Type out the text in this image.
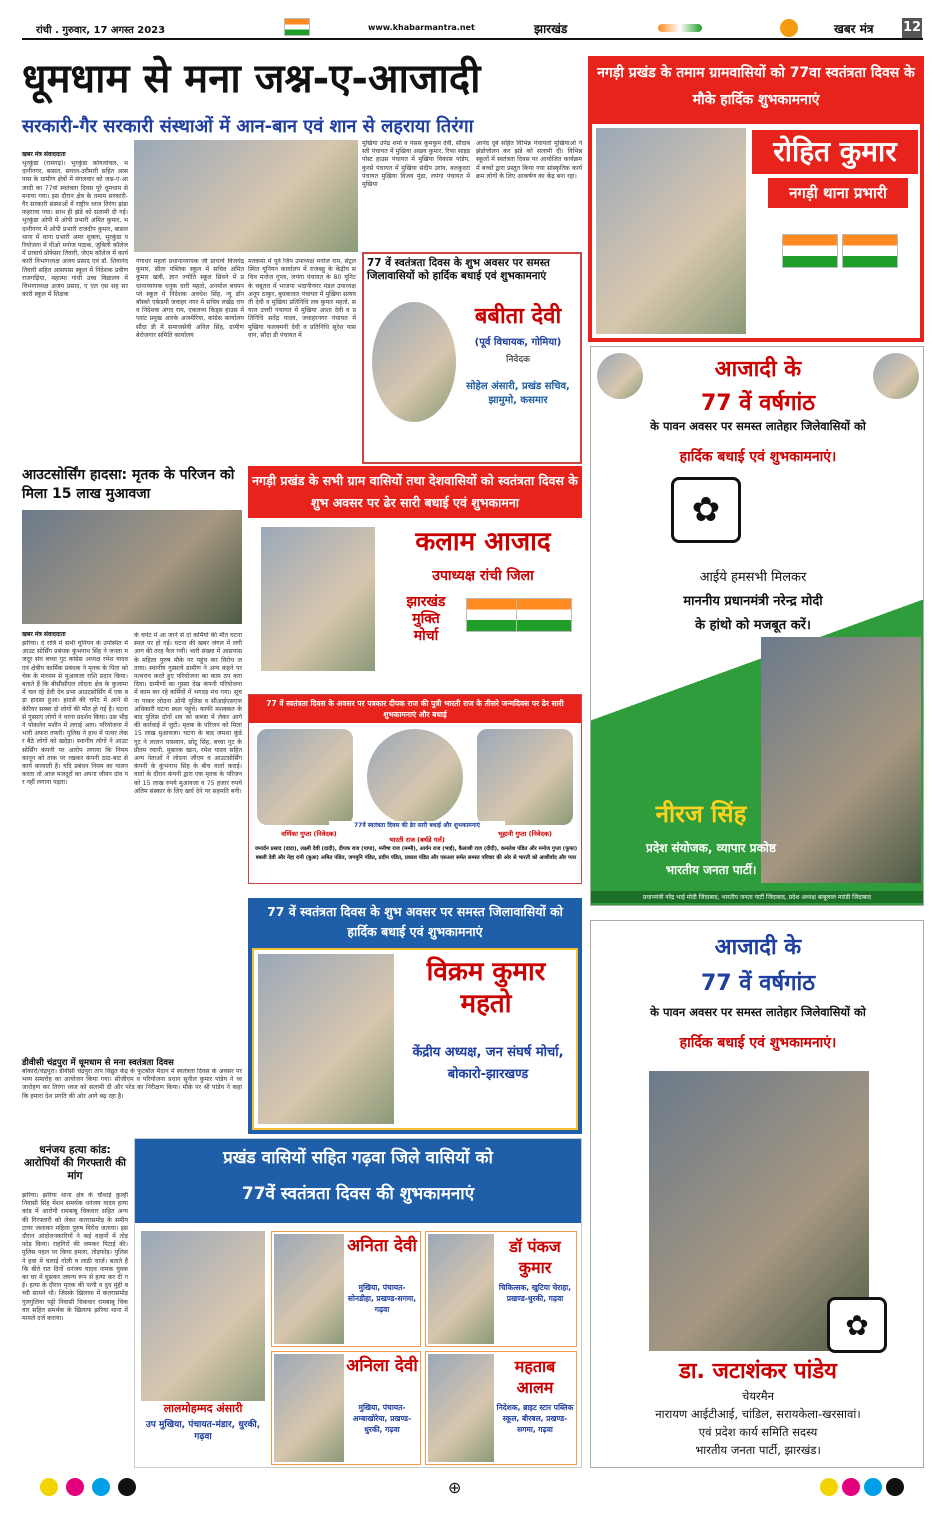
रांची . गुरुवार, 17 अगस्त 2023	www.khabarmantra.net	झारखंड	खबर मंत्र 12
धूमधाम से मना जश्न-ए-आजादी
सरकारी-गैर सरकारी संस्थाओं में आन-बान एवं शान से लहराया तिरंगा
खबर मंत्र संवाददाता
भुरकुंडा (रामगढ़)। भुरकुंडा कोयलांचल, भदानीनगर, बासल, सयाल-उरीमारी सहित आसपास के ग्रामीण क्षेत्रों में मंगलवार को जश्न-ए-आजादी का 77वां स्वतंत्रता दिवस पूरे धूमधाम से मनाया गया। इस दौरान क्षेत्र के तमाम सरकारी-गैर सरकारी संस्थाओं में राष्ट्रीय ध्वज तिरंगा झंडा फहराया गया। साथ ही झंडे को सलामी दी गई। भुरकुंडा ओपी में ओपी प्रभारी अमित कुमार, भदानीनगर में ओपी प्रभारी राजदीप कुमार, बासल थाना में थाना प्रभारी अमर शुक्ला, भुरकुंडा परियोजना में पीओ मनोज पाठक, जुबिली कॉलेज में प्राचार्य प्रोफेसर तिवारी, जेएम कॉलेज में कार्यकारी विभागध्यक्ष अजय प्रसाद एवं डॉ. शिवानंद तिवारी सहित आसपास स्कूल में निदेशक प्रवीण राजगढ़िया, महात्मा गांधी उच्च विद्यालय में विभागाध्यक्ष अजय प्रसाद, ए एल एस सह सरकारी स्कूल में शिक्षक
गंगाधर महतो प्रधानाध्यापक जी प्राचार्य विजयेंद्र कुमार, सीता पब्लिक स्कूल में सचिव अमित कुमार खत्री, ज्ञान ज्योति स्कूल सिवने में प्रधानाध्यापक धनुक धारी महतो, अनमोल बचपन प्ले स्कूल में निदेशक अवधेश सिंह, न्यू डॉन बॉस्को एकेडमी जवाहर नगर में सचिव लखेंद्र राय व निदेशक अंगद राय, एकलव्य किड्स हाउस में प्लांट प्रमुख आरके अजमेरिया, कांग्रेस कार्यालय सौंदा डी में समाजसेवी अनिल सिंह, ग्रामीण बेरोजगार समिति कार्यालय
मतकमा में पूर्व जिप उपाध्यक्ष मनोज राम, सेंट्रल स्थित यूनियन कार्यालय में राजबहु के केंद्रीय सचिव मनोज गुप्ता, लपंगा पंचायत के 80 यूनिट के चबूतरा में भाजपा भदानीनगर मंडल उपाध्यक्ष अनूप ठाकुर, बुधबाजार पंचायत में मुखिया सत्यवती देवी व मुखिया प्रतिनिधि लव कुमार महतो, सयाल उत्तरी पंचायत में मुखिया आशा देवी व प्रतिनिधि सतेंद्र यादव, जवाहरनगर पंचायत में मुखिया फलक्मनी देवी व प्रतिनिधि सुरेश पासवान, सौंदा डी पंचायत में
मुखिया उपेंद्र शर्मा व पंसस कुमकुम देवी, सौंदाबस्ती पंचायत में मुखिया अखय कुमार, रिफा साइड पोस्ट हाउस पंचायत में मुखिया विकास पांडेय, कुरसे पंचायत में मुखिया संदीप उरांव, बलकुदरा पंचायत मुखिया विजय मुंडा, लपंगा पंचायत में मुखिया
आनंद दुबे सहित विभिन्न पंचायतों मुखियाओं ने झंडोत्तोलन कर झंडे को सलामी दी। विभिन्न स्कूलों में स्वतंत्रता दिवस पर आयोजित कार्यक्रम में बच्चों द्वारा प्रस्तुत किया गया सांस्कृतिक कार्यक्रम लोगों के लिए आकर्षण का केंद्र बना रहा।
77 वें स्वतंत्रता दिवस के शुभ अवसर पर समस्त जिलावासियों को हार्दिक बधाई एवं शुभकामनाएं
बबीता देवी
(पूर्व विधायक, गोमिया)
निवेदक
सोहेल अंसारी, प्रखंड सचिव, झामुमो, कसमार
आउटसोर्सिंग हादसा: मृतक के परिजन को मिला 15 लाख मुआवजा
खबर मंत्र संवाददाता
झरिया। दे रात्रि में सभी यूनियन के उपस्थित में आउट सोर्सिंग प्रबंधक कुंभनाथ सिंह ने जनता मजदूर संघ बच्चा गुट कांग्रेस अध्यक्ष रमेश यादव एवं क्षेत्रीय कार्मिक प्रबंधक ने मृतक के पिता को चेक के माध्यम से मुआवजा राशि प्रदान किया। बताते हैं कि बीसीसीएल लोदना क्षेत्र के कुजामा में चल रहे देवी देव प्रभा आउटसोर्सिंग में एक बड़ा हादसा हुआ। हादसे की चपेट में आने से केरियर सब्बर दो लोगों की मौत हो गई है। घटना से गुस्साए लोगों ने धरना प्रदर्शन किया। उस भीड़ ने पोकलेन मशीन में लगाई आग। परियोजना में भारी अफरा तफरी। पुलिस ने हाथ में पत्थर लेकर बैठे लोगों को खदेड़ा। स्थानीय लोगों ने आउटसोर्सिंग कंपनी पर आरोप लगाया कि नियम कानून को ताक पर रखकर कंपनी ठाठ-बाट से कार्य करवाती है। यदि प्रबंधन नियम का पालन करता तो आज मजदूरों का अपना जीवन दांव पर नहीं लगाना पड़ता।
के चपेट में आ जाने से दो कर्मियों की मौत घटना स्थल पर हो गई। घटना की खबर जंगल में लगी आग की तरह फैल गयी। भारी संख्या में आसपास के महिला पुरुष मौके पर पहुंच कर विरोध जताया। स्थानीय गुस्साये ग्रामीण ने अन्य कहने पर पत्थराव करते हुए परियोजना का काम ठप करा दिया। ग्रामीणों का गुस्सा देख कंपनी परियोजना में काम कर रहे कर्मियों में भगदड़ मच गया। सूचना पाकर लोदना ओपी पुलिस व सीआईएसएफ अधिकारी घटना स्थल पहुंचे। काफी मशक्कत के बाद पुलिस दोनों शव को कब्जा में लेकर आगे की कार्रवाई में जुटी। मृतक के परिजन को मिला 15 लाख मुआवजा। घटना के बाद जमशा कुंडे गुट ने लालन पासवान, छोटू सिंह, बच्चा गुट के प्रीतम रवानी, मुबारक खान, रमेश यादव सहित अन्य नेताओं ने लोदना जीएम व आउटसोर्सिंग कंपनी के कुंभनाथ सिंह के बीच वार्ता कराई। वार्ता के दौरान कंपनी द्वारा एक मृतक के परिजन को 15 लाख रुपये मुआवजा व 75 हजार रुपये अंतिम संस्कार के लिए खर्च देने पर सहमति बनी।
डीवीसी चंद्रपुरा में धूमधाम से मना स्वतंत्रता दिवस
बोकारो/चंद्रपुरा। डीवीसी चंद्रपुरा ताप विद्युत केंद्र के फुटबॉल मैदान में स्वतंत्रता दिवस के अवसर पर भव्य समारोह का आयोजन किया गया। सीजीएम व परियोजना प्रधान सुनील कुमार पांडेय ने ध्वजारोहण कर तिरंगा ध्वज को सलामी दी और परेड का निरीक्षण किया। मौके पर श्री पांडेय ने कहा कि हमारा देश प्रगति की ओर आगे बढ़ रहा है।
धनंजय हत्या कांड: आरोपियों की गिरफ्तारी की मांग
झरिया। झरिया थाना क्षेत्र के चौथाई कुल्ही निवासी सिंह मेंशन समर्थक धनंजय यादव हत्या कांड में आरोपी रामबाबू चिकवार सहित अन्य की गिरफ्तारी को लेकर कतरासमोड़ के समीप टायर जलाकर महिला पुरुष विरोध जताया। इस दौरान आंदोलनकारियों ने कई वाहनों में तोड़ फोड़ किया। राहगिरों की जमकर पिटाई की। पुलिस पहल पर किया हमला, तोड़फोड़। पुलिस ने हवा में चलाई गोली व लाठी चार्ज। बताते हैं कि बीते रात दिनों धनंजय यादव नामक युवक का घर में घुसकर जघन्य रूप से हत्या कर दी गई। हत्या के दौरान मृतक की पत्नी व दुध मुंही बच्ची सामने थी। जिसके खिलाफ में कतरासमोड़ गुलगुलिया पट्टी निवासी चिकवार रामबाबू चिकवार सहित समर्थक के खिलाफ झरिया थाना में मामले दर्ज कराया।
नगड़ी प्रखंड के सभी ग्राम वासियों तथा देशवासियों को स्वतंत्रता दिवस के शुभ अवसर पर ढेर सारी बधाई एवं शुभकामना
कलाम आजाद
उपाध्यक्ष रांची जिला
झारखंड मुक्ति मोर्चा
77 वें स्वतंत्रता दिवस के अवसर पर पत्रकार दीपक राज की पुत्री भारती राज के तीसरे जन्मदिवस पर ढेर सारी शुभकामनाएं और बधाई
वर्णिका गुप्ता (निवेदक)
भारती राज (बर्थडे गर्ल)
भूहानी गुप्ता (निवेदक)
77वें स्वतंत्रता दिवस की ढेर सारी बधाई और शुभकामनाएं
जनार्दन प्रसाद (दादा), लक्ष्मी देवी (दादी), दीपक राज (पापा), मनीषा राज (मम्मी), आर्यन राज (भाई), कैलाशी राज (दीदी), कमलेश पंडित और मनोज गुप्ता (फूफा) बबली देवी और नेहा रानी (बुआ) अमित पंडित, जगमुनि पंडित, प्रदीप पंडित, प्रकाश पंडित और एसआर समेत समस्त परिवार की ओर से भारती को आशीर्वाद और प्यार
77 वें स्वतंत्रता दिवस के शुभ अवसर पर समस्त जिलावासियों को हार्दिक बधाई एवं शुभकामनाएं
विक्रम कुमार महतो
केंद्रीय अध्यक्ष, जन संघर्ष मोर्चा, बोकारो-झारखण्ड
प्रखंड वासियों सहित गढ़वा जिले वासियों को
77वें स्वतंत्रता दिवस की शुभकामनाएं
लालमोहम्मद अंसारी
उप मुखिया, पंचायत-मंडार, धुरकी, गढ़वा
अनिता देवी
मुखिया, पंचायत-सोनडीहा, प्रखण्ड-सगमा, गढ़वा
डॉ पंकज कुमार
चिकित्सक, खुटिया चेराहा, प्रखण्ड-धुरकी, गढ़वा
अनिला देवी
मुखिया, पंचायत-अम्बाखोरेया, प्रखण्ड-धुरकी, गढ़वा
महताब आलम
निदेशक, ब्राइट स्टार पब्लिक स्कूल, बीरबल, प्रखण्ड-सगमा, गढ़वा
नगड़ी प्रखंड के तमाम ग्रामवासियों को 77वा स्वतंत्रता दिवस के मौके हार्दिक शुभकामनाएं
रोहित कुमार
नगड़ी थाना प्रभारी
आजादी के
77 वें वर्षगांठ
के पावन अवसर पर समस्त लातेहार जिलेवासियों को
हार्दिक बधाई एवं शुभकामनाएं।
✿
आईये हमसभी मिलकर
माननीय प्रधानमंत्री नरेन्द्र मोदी
के हांथो को मजबूत करें।
नीरज सिंह
प्रदेश संयोजक, व्यापार प्रकोष्ठ
भारतीय जनता पार्टी।
प्रधानमंत्री नरेंद्र भाई मोदी जिंदाबाद, भारतीय जनता पार्टी जिंदाबाद, प्रदेश अध्यक्ष बाबूलाल मरांडी जिंदाबाद
आजादी के
77 वें वर्षगांठ
के पावन अवसर पर समस्त लातेहार जिलेवासियों को
हार्दिक बधाई एवं शुभकामनाएं।
✿
डा. जटाशंकर पांडेय
चेयरमैन
नारायण आईटीआई, चांडिल, सरायकेला-खरसावां।
एवं प्रदेश कार्य समिति सदस्य
भारतीय जनता पार्टी, झारखंड।

⊕
